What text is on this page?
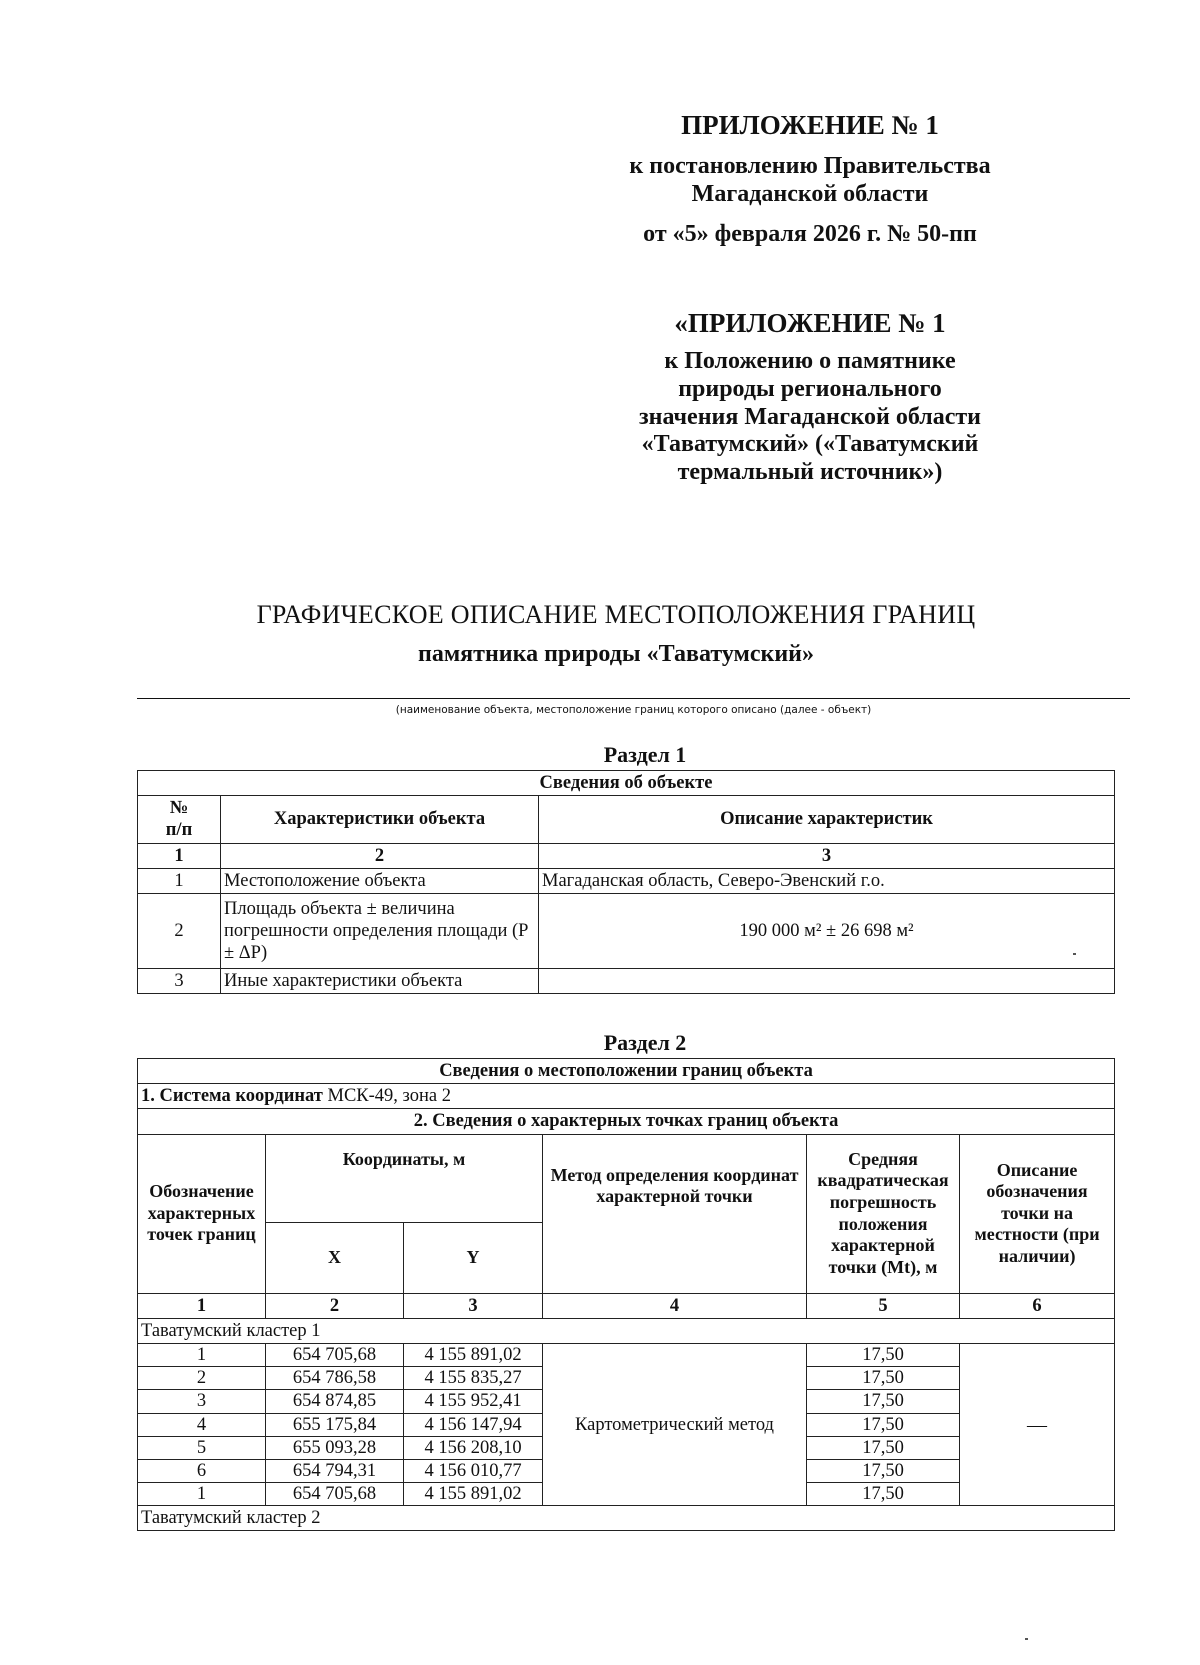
ПРИЛОЖЕНИЕ № 1
к постановлению Правительства
Магаданской области
от «5» февраля 2026 г. № 50-пп
«ПРИЛОЖЕНИЕ № 1
к Положению о памятнике
природы регионального
значения Магаданской области
«Таватумский» («Таватумский
термальный источник»)
ГРАФИЧЕСКОЕ ОПИСАНИЕ МЕСТОПОЛОЖЕНИЯ ГРАНИЦ
памятника природы «Таватумский»
(наименование объекта, местоположение границ которого описано (далее - объект)
Раздел 1
Сведения об объекте		

№
п/п	Характеристики объекта	Описание характеристик
1	2	3
1	Местоположение объекта	Магаданская область, Северо-Эвенский г.о.
2	Площадь объекта ± величина погрешности определения площади (P ± ΔP)	190 000 м² ± 26 698 м²
3	Иные характеристики объекта	
Раздел 2
Сведения о местоположении границ объекта					
1. Система координат МСК-49, зона 2					
2. Сведения о характерных точках границ объекта					
Обозначение характерных точек границ	Координаты, м		Метод определения координат характерной точки	Средняя квадратическая погрешность положения характерной точки (Mt), м	Описание обозначения точки на местности (при наличии)
	X	Y			
1	2	3	4	5	6
Таватумский кластер 1					
1	654 705,68	4 155 891,02	Картометрический метод	17,50	—
2	654 786,58	4 155 835,27		17,50	
3	654 874,85	4 155 952,41		17,50	
4	655 175,84	4 156 147,94		17,50	
5	655 093,28	4 156 208,10		17,50	
6	654 794,31	4 156 010,77		17,50	
1	654 705,68	4 155 891,02		17,50	
Таватумский кластер 2					
